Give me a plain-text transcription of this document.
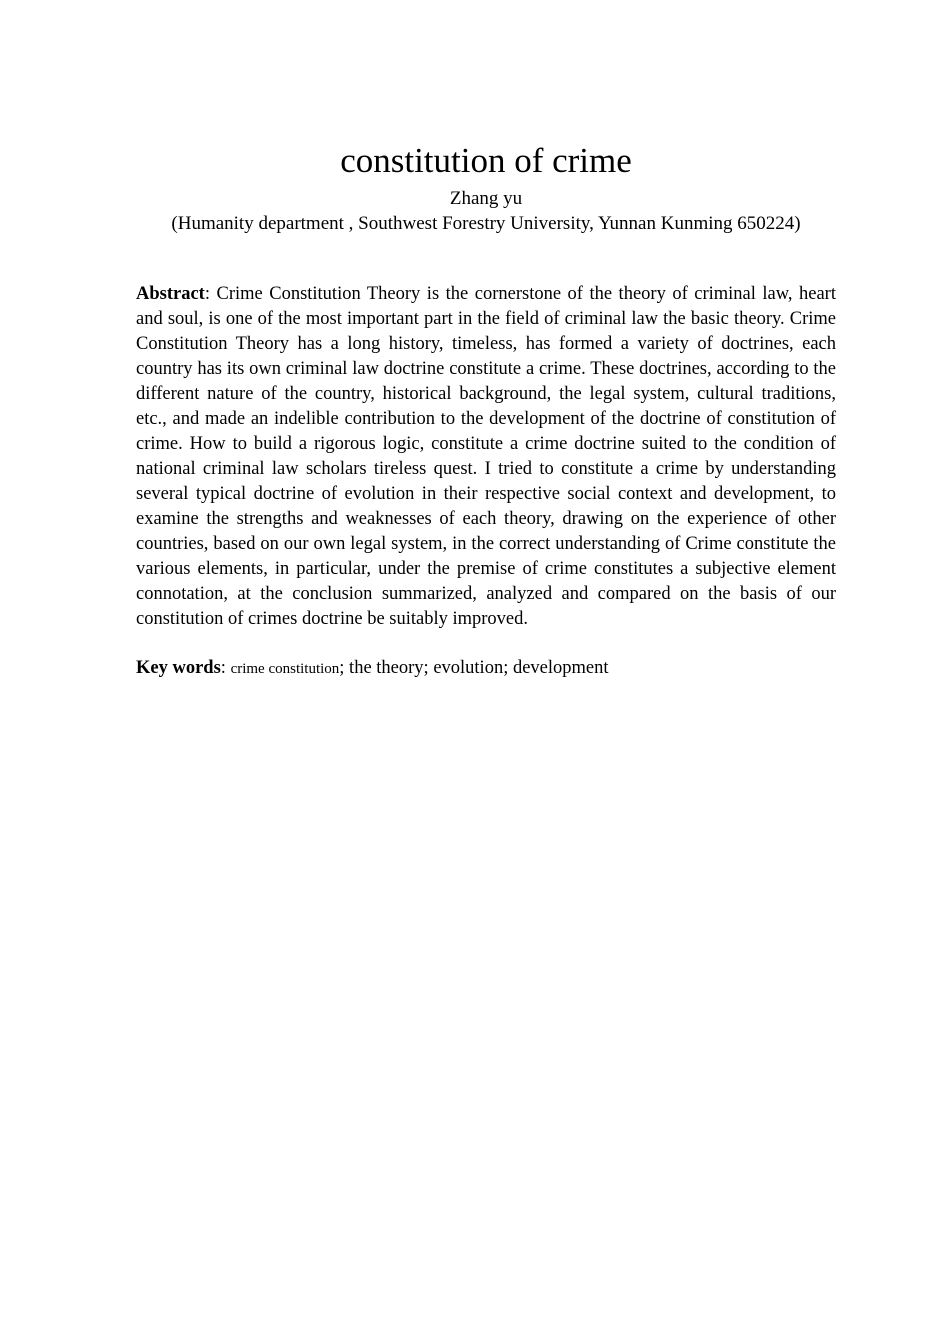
constitution of crime
Zhang yu
(Humanity department , Southwest Forestry University, Yunnan Kunming 650224)

Abstract: Crime Constitution Theory is the cornerstone of the theory of criminal law, heart and soul, is one of the most important part in the field of criminal law the basic theory. Crime Constitution Theory has a long history, timeless, has formed a variety of doctrines, each country has its own criminal law doctrine constitute a crime. These doctrines, according to the different nature of the country, historical background, the legal system, cultural traditions, etc., and made an indelible contribution to the development of the doctrine of constitution of crime. How to build a rigorous logic, constitute a crime doctrine suited to the condition of national criminal law scholars tireless quest. I tried to constitute a crime by understanding several typical doctrine of evolution in their respective social context and development, to examine the strengths and weaknesses of each theory, drawing on the experience of other countries, based on our own legal system, in the correct understanding of Crime constitute the various elements, in particular, under the premise of crime constitutes a subjective element connotation, at the conclusion summarized, analyzed and compared on the basis of our constitution of crimes doctrine be suitably improved.

Key words: crime constitution; the theory; evolution; development
